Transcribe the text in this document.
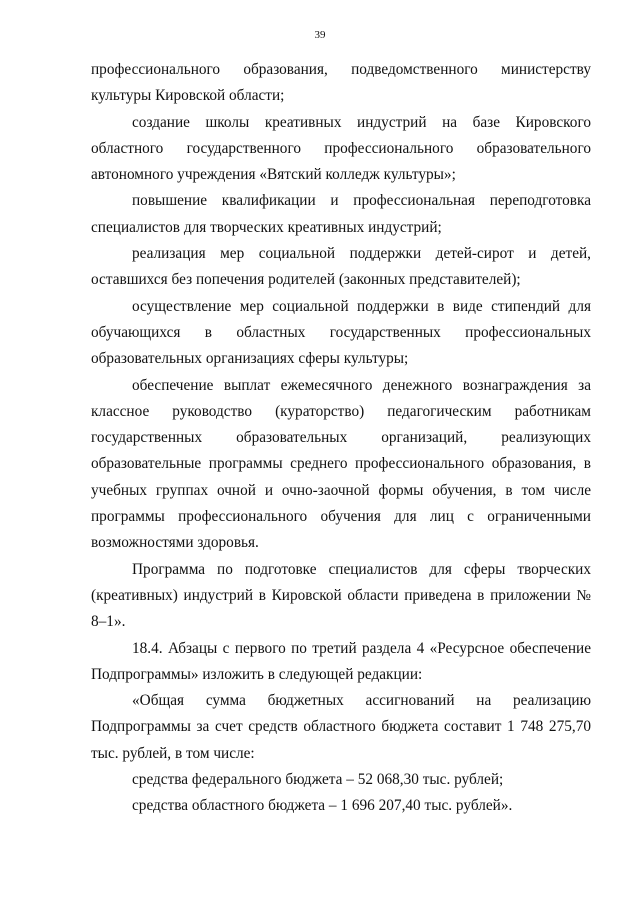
39

профессионального образования, подведомственного министерству культуры Кировской области;

создание школы креативных индустрий на базе Кировского областного государственного профессионального образовательного автономного учреждения «Вятский колледж культуры»;

повышение квалификации и профессиональная переподготовка специалистов для творческих креативных индустрий;

реализация мер социальной поддержки детей-сирот и детей, оставшихся без попечения родителей (законных представителей);

осуществление мер социальной поддержки в виде стипендий для обучающихся в областных государственных профессиональных образовательных организациях сферы культуры;

обеспечение выплат ежемесячного денежного вознаграждения за классное руководство (кураторство) педагогическим работникам государственных образовательных организаций, реализующих образовательные программы среднего профессионального образования, в учебных группах очной и очно-заочной формы обучения, в том числе программы профессионального обучения для лиц с ограниченными возможностями здоровья.

Программа по подготовке специалистов для сферы творческих (креативных) индустрий в Кировской области приведена в приложении № 8–1».

18.4. Абзацы с первого по третий раздела 4 «Ресурсное обеспечение Подпрограммы» изложить в следующей редакции:

«Общая сумма бюджетных ассигнований на реализацию Подпрограммы за счет средств областного бюджета составит 1 748 275,70 тыс. рублей, в том числе:

средства федерального бюджета – 52 068,30 тыс. рублей;

средства областного бюджета – 1 696 207,40 тыс. рублей».
